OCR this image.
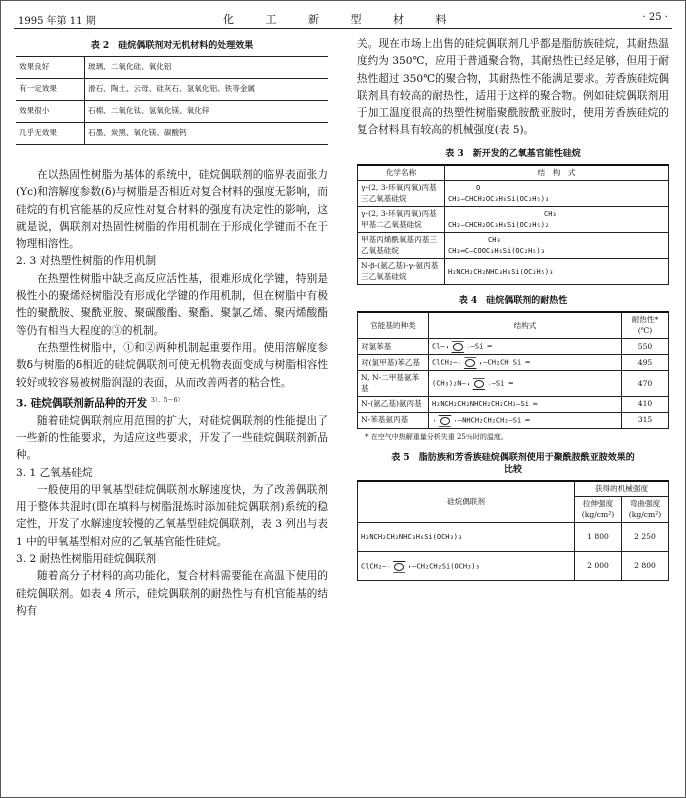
1995 年第 11 期	化 工 新 型 材 料	· 25 ·
表 2　硅烷偶联剂对无机材料的处理效果
效果良好	玻璃、二氧化硅、氧化铝
有一定效果	滑石、陶土、云母、硅灰石、氢氧化铝、铁等金属
效果很小	石棉、二氧化钛、氢氧化镁、氧化锌
几乎无效果	石墨、炭黑、氧化镁、碳酸钙

在以热固性树脂为基体的系统中，硅烷偶联剂的临界表面张力(Yc)和溶解度参数(δ)与树脂是否相近对复合材料的强度无影响，而硅烷的有机官能基的反应性对复合材料的强度有决定性的影响，这就是说，偶联剂对热固性树脂的作用机制在于形成化学键而不在于物理相溶性。

2. 3 对热塑性树脂的作用机制

在热塑性树脂中缺乏高反应活性基，很难形成化学键，特别是极性小的聚烯烃树脂没有形成化学键的作用机制，但在树脂中有极性的聚酰胺、聚酰亚胺、聚碳酸酯、聚酯、聚氯乙烯、聚丙烯酸酯等仍有相当大程度的③的机制。

在热塑性树脂中，①和②两种机制起重要作用。使用溶解度参数δ与树脂的δ相近的硅烷偶联剂可使无机物表面变成与树脂相容性较好或较容易被树脂润湿的表面，从而改善两者的粘合性。

3. 硅烷偶联剂新品种的开发 $^{3)、5\sim 6)}$

随着硅烷偶联剂应用范围的扩大，对硅烷偶联剂的性能提出了一些新的性能要求，为适应这些要求，开发了一些硅烷偶联剂新品种。

3. 1 乙氧基硅烷

一般使用的甲氧基型硅烷偶联剂水解速度快，为了改善偶联剂用于整体共混时(即在填料与树脂混炼时添加硅烷偶联剂)系统的稳定性，开发了水解速度较慢的乙氧基型硅烷偶联剂，表 3 列出与表 1 中的甲氧基型相对应的乙氧基官能性硅烷。

3. 2 耐热性树脂用硅烷偶联剂

随着高分子材料的高功能化，复合材料需要能在高温下使用的硅烷偶联剂。如表 4 所示，硅烷偶联剂的耐热性与有机官能基的结构有

关。现在市场上出售的硅烷偶联剂几乎都是脂肪族硅烷，其耐热温度约为 350℃，应用于普通聚合物，其耐热性已经足够，但用于耐热性超过 350℃的聚合物，其耐热性不能满足要求。芳香族硅烷偶联剂具有较高的耐热性，适用于这样的聚合物。例如硅烷偶联剂用于加工温度很高的热塑性树脂聚酰胺酰亚胺时，使用芳香族硅烷的复合材料具有较高的机械强度(表 5)。

表 3　新开发的乙氧基官能性硅烷
化学名称	结　构　式
γ-(2, 3-环氧丙氧)丙基三乙氧基硅烷	O
CH₂—CHCH₂OC₃H₆Si(OC₂H₅)₃

γ-(2, 3-环氧丙氧)丙基甲基二乙氧基硅烷	CH₃
CH₂—CHCH₂OC₃H₆Si(OC₂H₅)₂

甲基丙烯酰氧基丙基三乙氧基硅烷	CH₃
CH₂═C—COOC₃H₆Si(OC₂H₅)₃

N-β-(氨乙基)-γ-氨丙基三乙氧基硅烷	H₂NCH₂CH₂NHC₃H₆Si(OC₂H₅)₃
表 4　硅烷偶联剂的耐热性
官能基的种类	结构式	耐热性*(℃)
对氯苯基	Cl— —Si ═	550
对(氯甲基)苯乙基	ClCH₂— —CH₂CH Si ═	495
N, N-二甲基氨苯基	(CH₃)₂N— —Si ═	470
N-(氨乙基)氨丙基	H₂NCH₂CH₂NHCH₂CH₂CH₂—Si ═	410
N-苯基氨丙基	—NHCH₂CH₂CH₂—Si ═	315
* 在空气中热解重量分析失重 25％时的温度。
表 5　脂肪族和芳香族硅烷偶联剂使用于聚酰胺酰亚胺效果的比较
硅烷偶联剂	获得的机械强度	
	拉伸强度(kg/cm²)	弯曲强度(kg/cm²)
H₂NCH₂CH₂NHC₃H₆Si(OCH₃)₃	1 800	2 250
ClCH₂— —CH₂CH₂Si(OCH₃)₃	2 000	2 800
